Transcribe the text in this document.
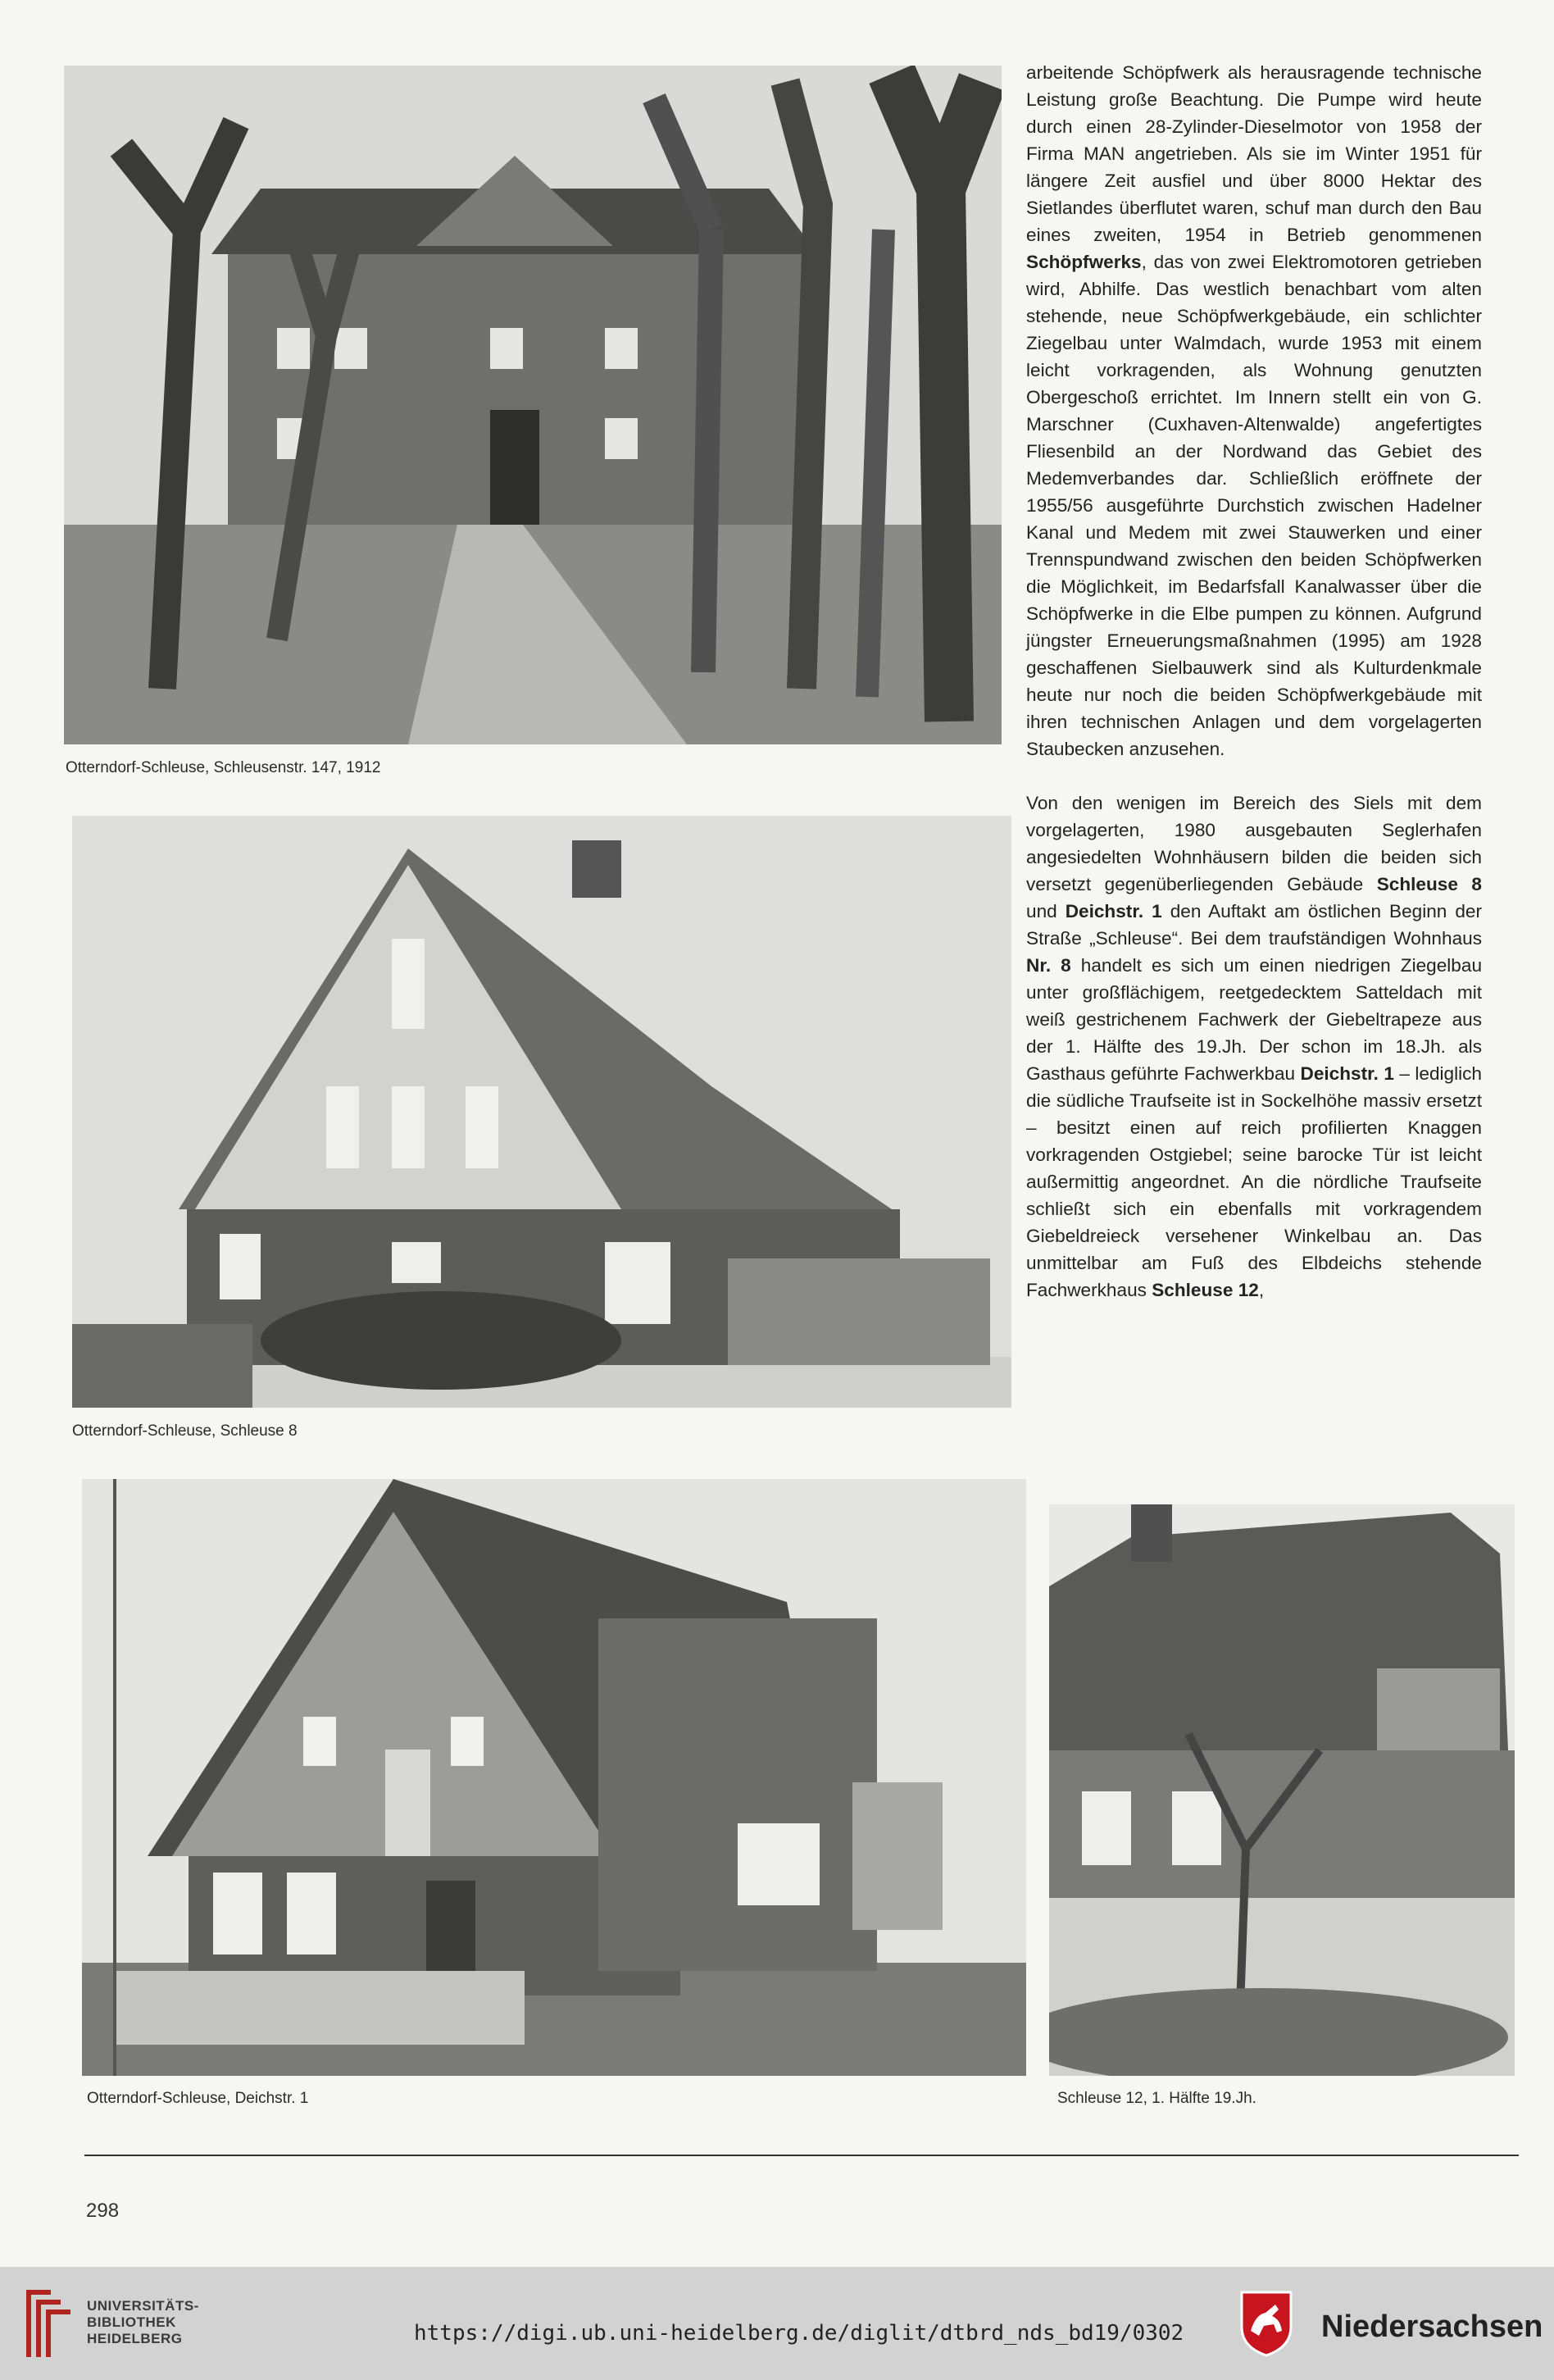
Otterndorf-Schleuse, Schleusenstr. 147, 1912
Otterndorf-Schleuse, Schleuse 8
Otterndorf-Schleuse, Deichstr. 1	Schleuse 12, 1. Hälfte 19.Jh.

arbeitende Schöpfwerk als herausragende technische Leistung große Beachtung. Die Pumpe wird heute durch einen 28-Zylinder-Dieselmotor von 1958 der Firma MAN angetrieben. Als sie im Winter 1951 für längere Zeit ausfiel und über 8000 Hektar des Sietlandes überflutet waren, schuf man durch den Bau eines zweiten, 1954 in Betrieb genommenen Schöpfwerks, das von zwei Elektromotoren getrieben wird, Abhilfe. Das westlich benachbart vom alten stehende, neue Schöpfwerkgebäude, ein schlichter Ziegelbau unter Walmdach, wurde 1953 mit einem leicht vorkragenden, als Wohnung genutzten Obergeschoß errichtet. Im Innern stellt ein von G. Marschner (Cuxhaven-Altenwalde) angefertigtes Fliesenbild an der Nordwand das Gebiet des Medemverbandes dar. Schließlich eröffnete der 1955/56 ausgeführte Durchstich zwischen Hadelner Kanal und Medem mit zwei Stauwerken und einer Trennspundwand zwischen den beiden Schöpfwerken die Möglichkeit, im Bedarfsfall Kanalwasser über die Schöpfwerke in die Elbe pumpen zu können. Aufgrund jüngster Erneuerungsmaßnahmen (1995) am 1928 geschaffenen Sielbauwerk sind als Kulturdenkmale heute nur noch die beiden Schöpfwerkgebäude mit ihren technischen Anlagen und dem vorgelagerten Staubecken anzusehen.

Von den wenigen im Bereich des Siels mit dem vorgelagerten, 1980 ausgebauten Seglerhafen angesiedelten Wohnhäusern bilden die beiden sich versetzt gegenüberliegenden Gebäude Schleuse 8 und Deichstr. 1 den Auftakt am östlichen Beginn der Straße „Schleuse“. Bei dem traufständigen Wohnhaus Nr. 8 handelt es sich um einen niedrigen Ziegelbau unter großflächigem, reetgedecktem Satteldach mit weiß gestrichenem Fachwerk der Giebeltrapeze aus der 1. Hälfte des 19.Jh. Der schon im 18.Jh. als Gasthaus geführte Fachwerkbau Deichstr. 1 – lediglich die südliche Traufseite ist in Sockelhöhe massiv ersetzt – besitzt einen auf reich profilierten Knaggen vorkragenden Ostgiebel; seine barocke Tür ist leicht außermittig angeordnet. An die nördliche Traufseite schließt sich ein ebenfalls mit vorkragendem Giebeldreieck versehener Winkelbau an. Das unmittelbar am Fuß des Elbdeichs stehende Fachwerkhaus Schleuse 12,

298
UNIVERSITÄTS-
BIBLIOTHEK
HEIDELBERG	https://digi.ub.uni-heidelberg.de/diglit/dtbrd_nds_bd19/0302	Niedersachsen
